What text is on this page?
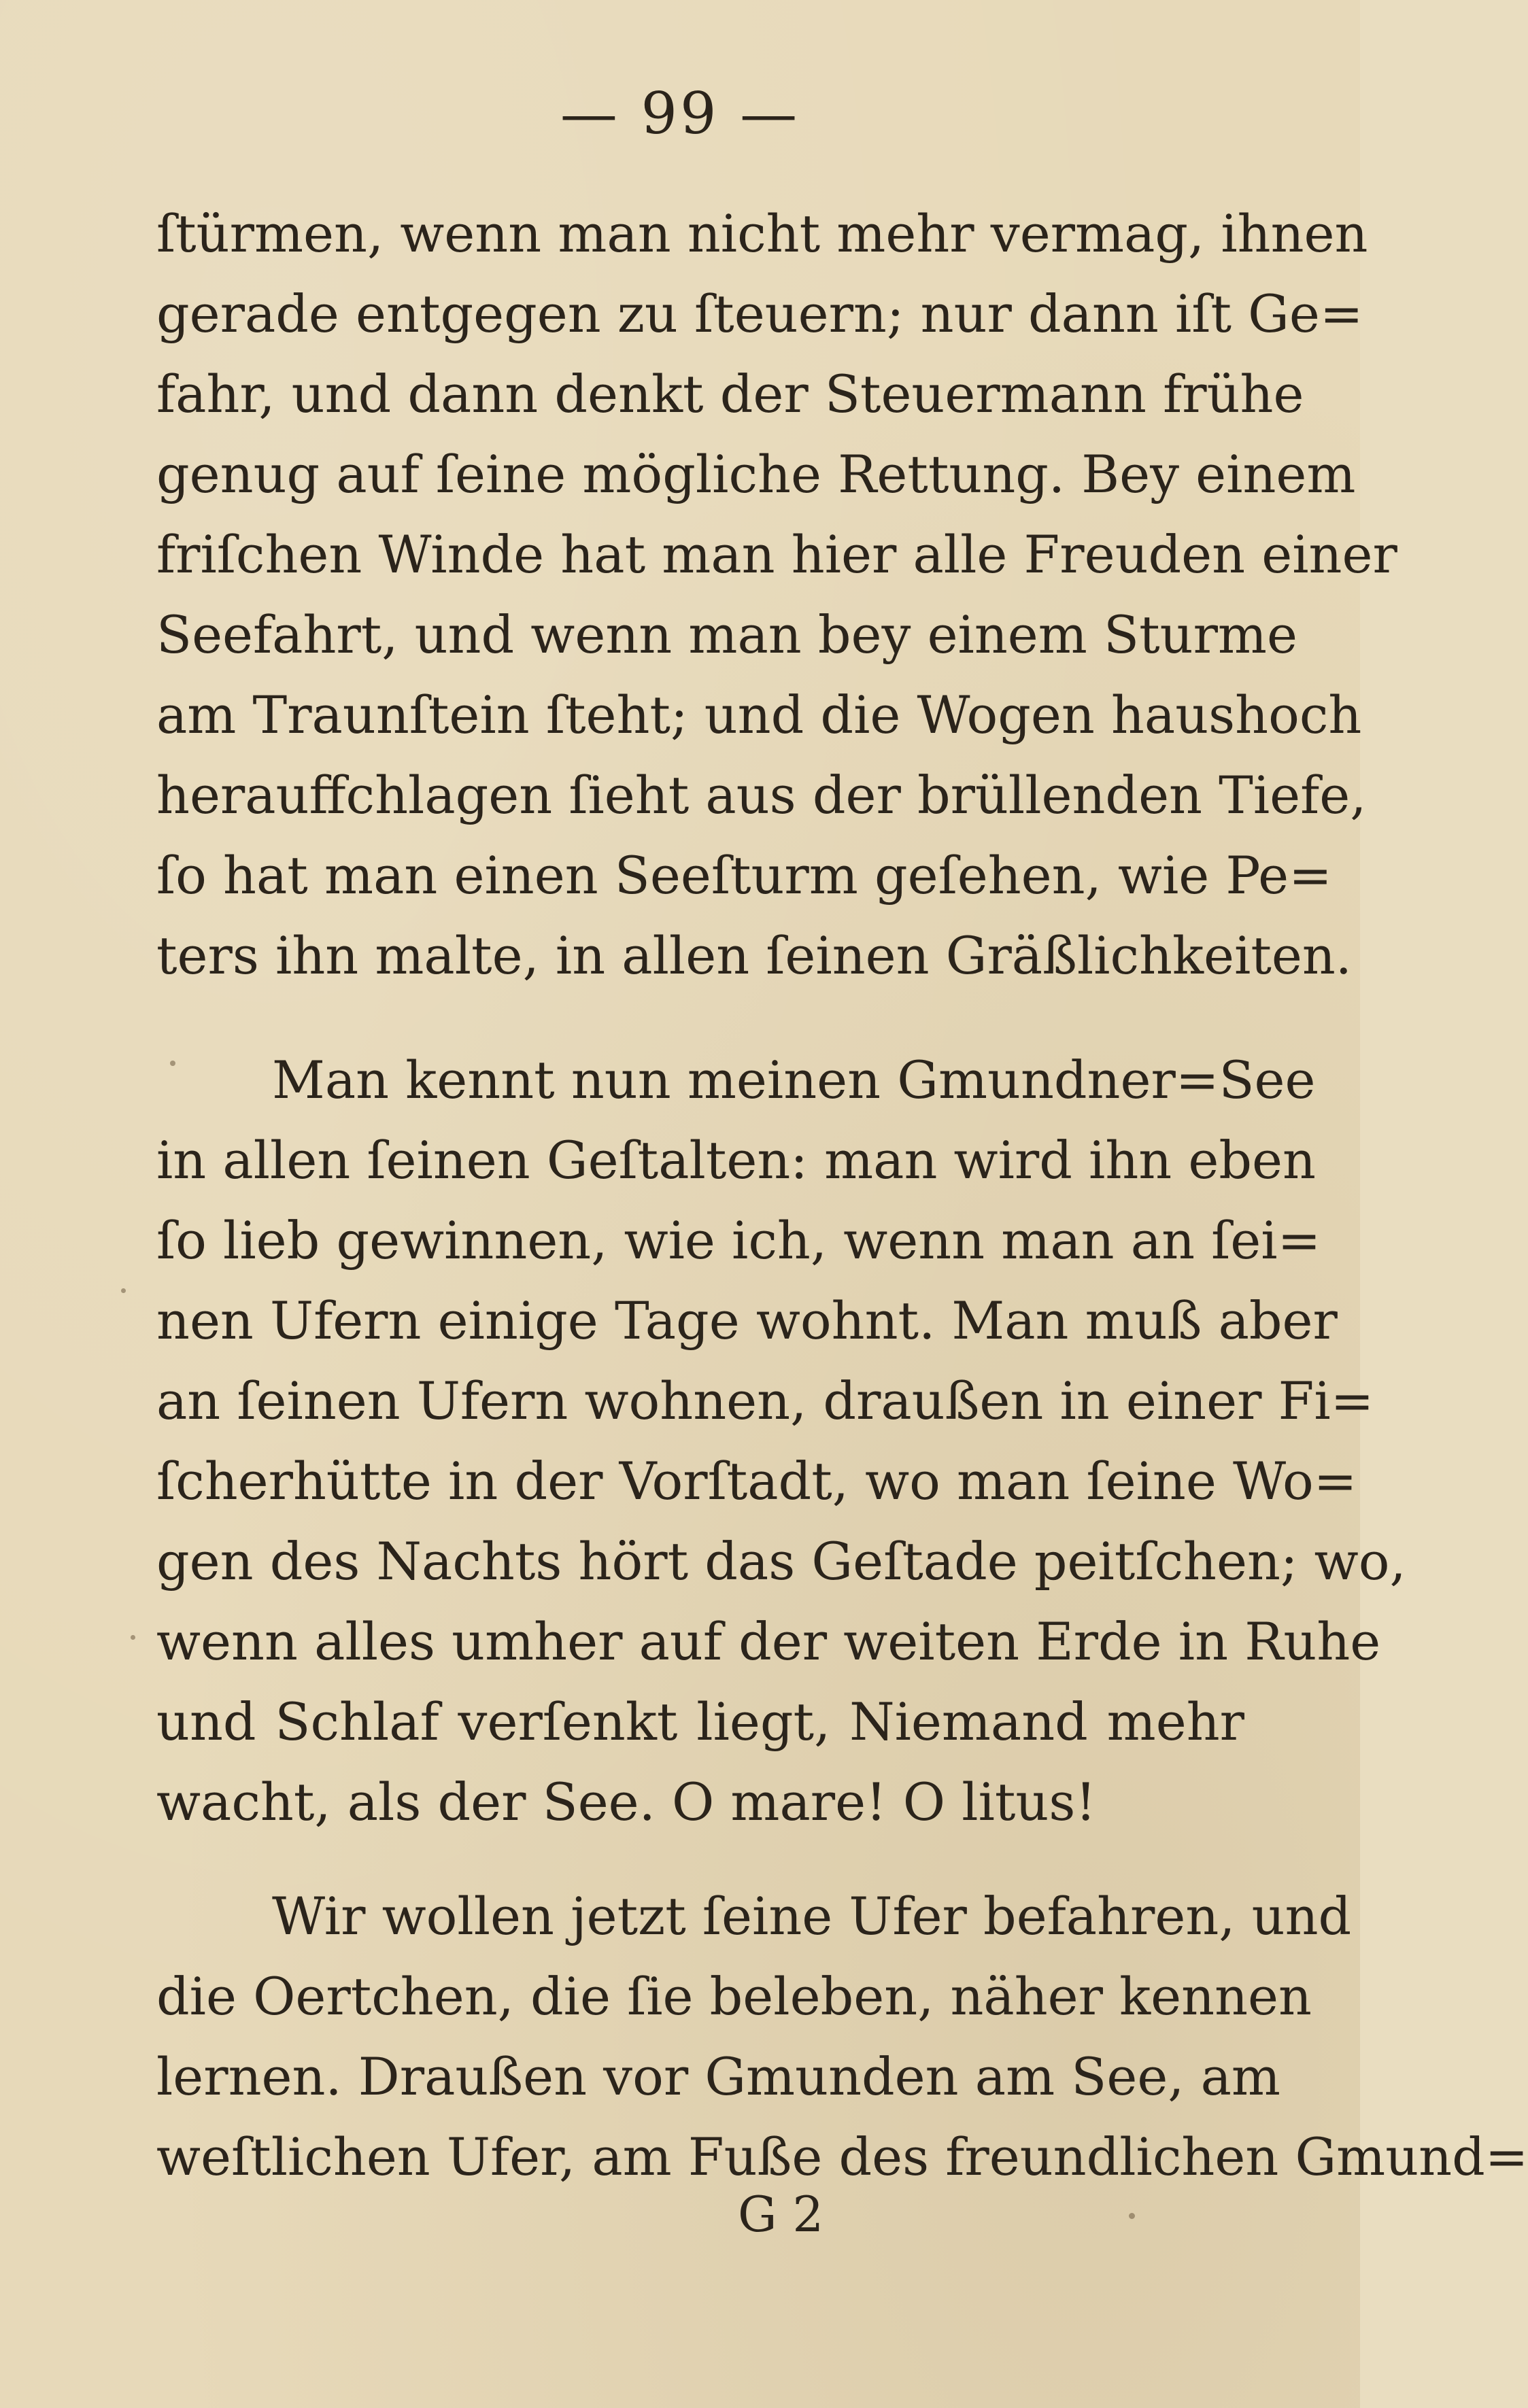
— 99 —
ſtürmen, wenn man nicht mehr vermag, ihnen
gerade entgegen zu ſteuern; nur dann iſt Ge=
fahr, und dann denkt der Steuermann frühe
genug auf ſeine mögliche Rettung. Bey einem
friſchen Winde hat man hier alle Freuden einer
Seefahrt, und wenn man bey einem Sturme
am Traunſtein ſteht; und die Wogen haushoch
herauffchlagen ſieht aus der brüllenden Tiefe,
ſo hat man einen Seeſturm geſehen, wie Pe=
ters ihn malte, in allen ſeinen Gräßlichkeiten.
Man kennt nun meinen Gmundner=See
in allen ſeinen Geſtalten: man wird ihn eben
ſo lieb gewinnen, wie ich, wenn man an ſei=
nen Ufern einige Tage wohnt. Man muß aber
an ſeinen Ufern wohnen, draußen in einer Fi=
ſcherhütte in der Vorſtadt, wo man ſeine Wo=
gen des Nachts hört das Geſtade peitſchen; wo,
wenn alles umher auf der weiten Erde in Ruhe
und Schlaf verſenkt liegt, Niemand mehr
wacht, als der See. O mare! O litus!
Wir wollen jetzt ſeine Ufer befahren, und
die Oertchen, die ſie beleben, näher kennen
lernen. Draußen vor Gmunden am See, am
weſtlichen Ufer, am Fuße des freundlichen Gmund=
G 2
